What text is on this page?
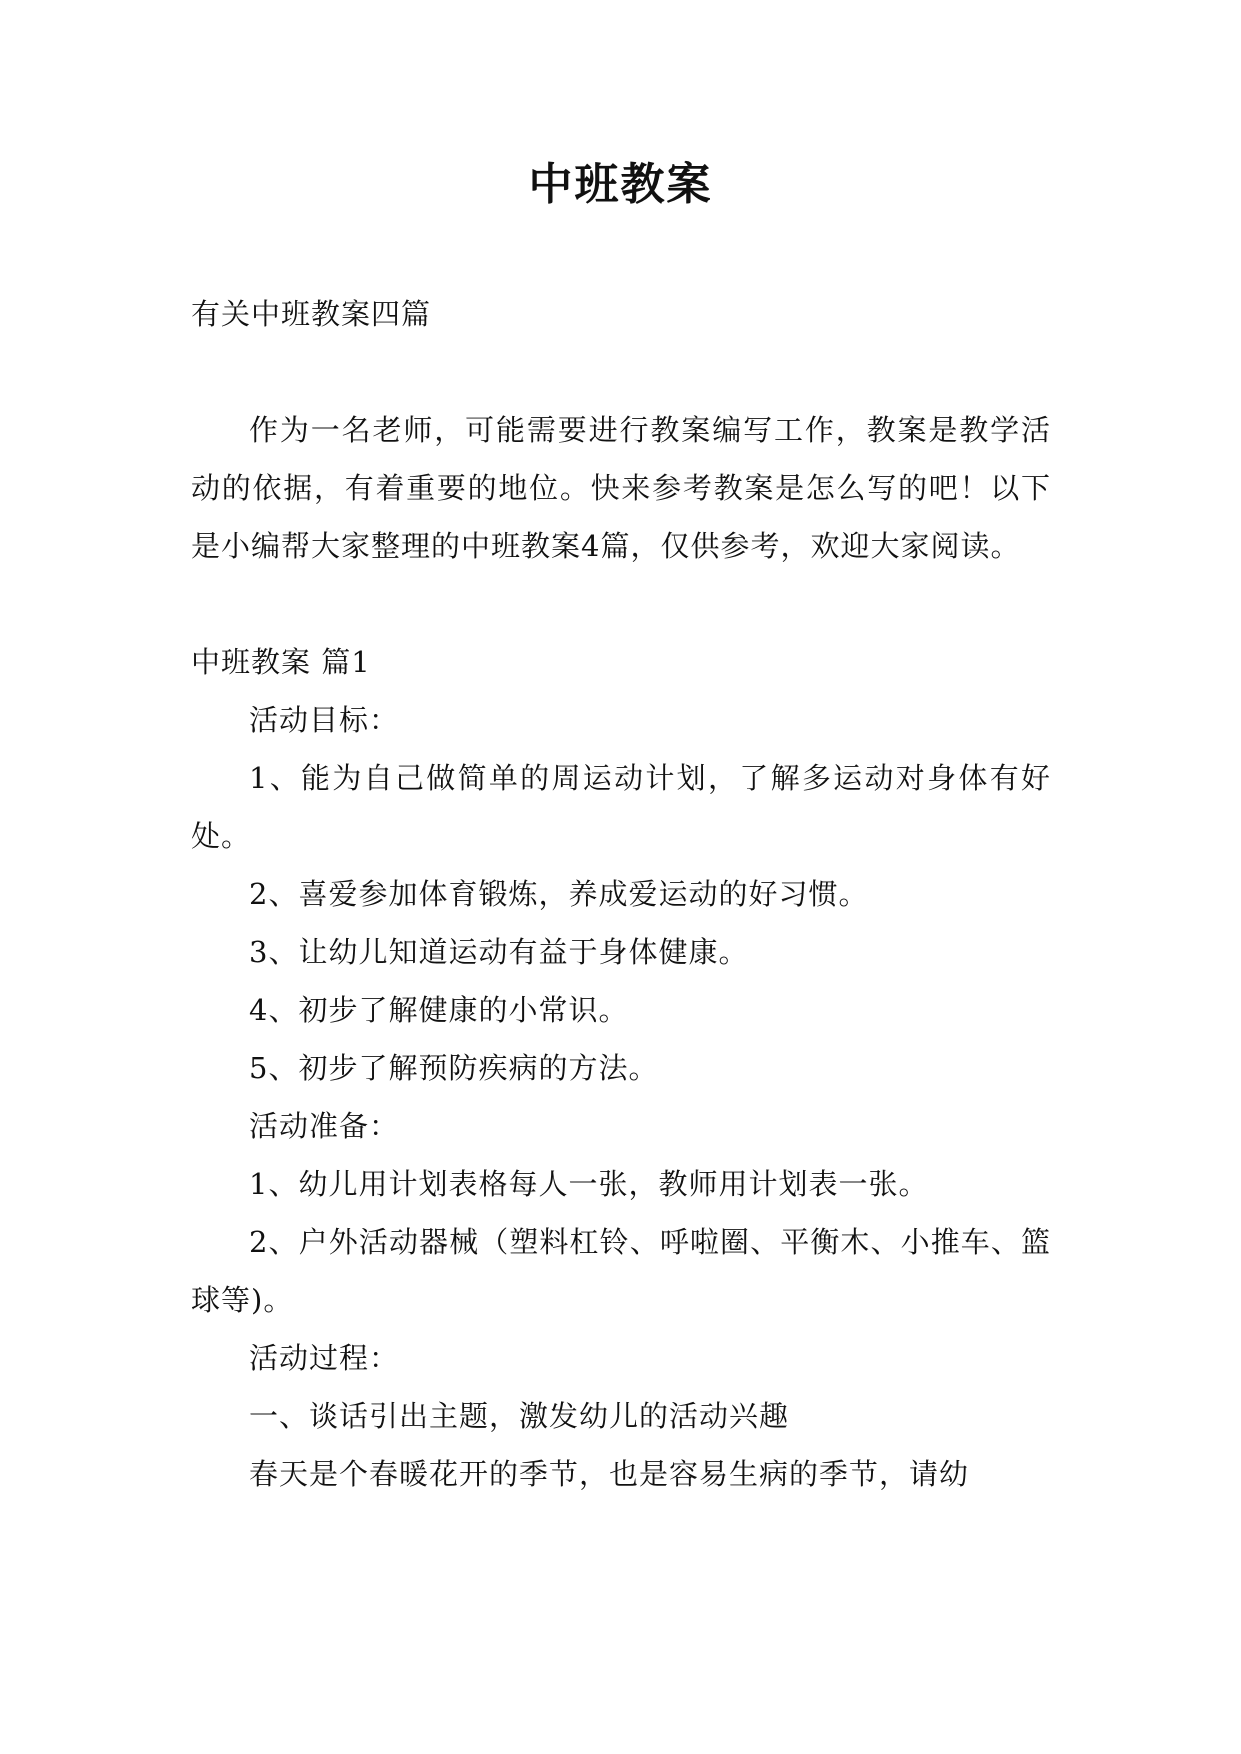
中班教案

有关中班教案四篇

作为一名老师，可能需要进行教案编写工作，教案是教学活动的依据，有着重要的地位。快来参考教案是怎么写的吧！以下是小编帮大家整理的中班教案4篇，仅供参考，欢迎大家阅读。

中班教案 篇1

活动目标：

1、能为自己做简单的周运动计划，了解多运动对身体有好处。

2、喜爱参加体育锻炼，养成爱运动的好习惯。

3、让幼儿知道运动有益于身体健康。

4、初步了解健康的小常识。

5、初步了解预防疾病的方法。

活动准备：

1、幼儿用计划表格每人一张，教师用计划表一张。

2、户外活动器械（塑料杠铃、呼啦圈、平衡木、小推车、篮球等)。

活动过程：

一、谈话引出主题，激发幼儿的活动兴趣

春天是个春暖花开的季节，也是容易生病的季节，请幼
